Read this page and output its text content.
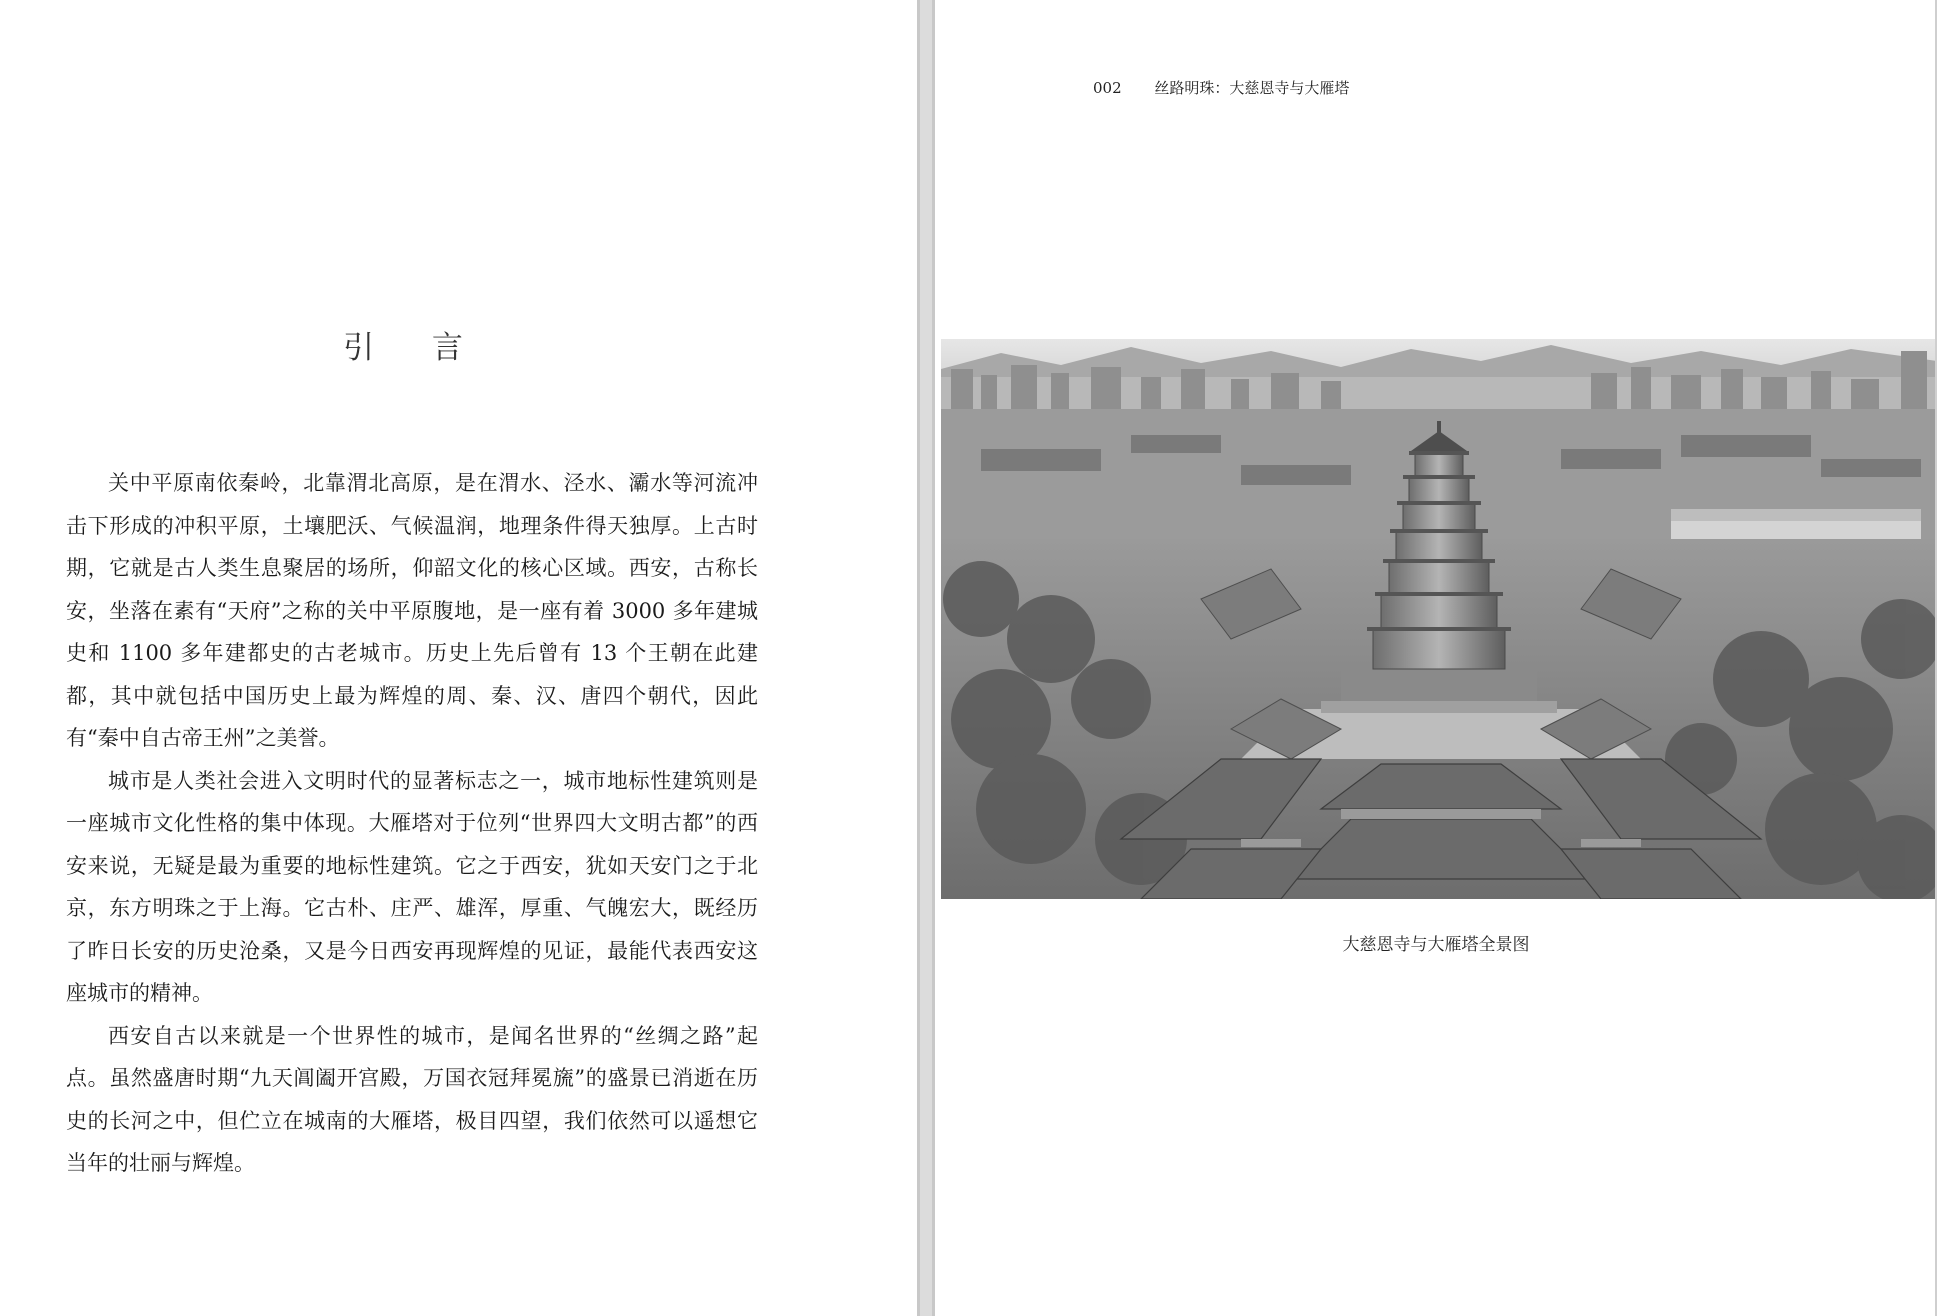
引 言

关中平原南依秦岭，北靠渭北高原，是在渭水、泾水、灞水等河流冲击下形成的冲积平原，土壤肥沃、气候温润，地理条件得天独厚。上古时期，它就是古人类生息聚居的场所，仰韶文化的核心区域。西安，古称长安，坐落在素有“天府”之称的关中平原腹地，是一座有着 3000 多年建城史和 1100 多年建都史的古老城市。历史上先后曾有 13 个王朝在此建都，其中就包括中国历史上最为辉煌的周、秦、汉、唐四个朝代，因此有“秦中自古帝王州”之美誉。

城市是人类社会进入文明时代的显著标志之一，城市地标性建筑则是一座城市文化性格的集中体现。大雁塔对于位列“世界四大文明古都”的西安来说，无疑是最为重要的地标性建筑。它之于西安，犹如天安门之于北京，东方明珠之于上海。它古朴、庄严、雄浑，厚重、气魄宏大，既经历了昨日长安的历史沧桑，又是今日西安再现辉煌的见证，最能代表西安这座城市的精神。

西安自古以来就是一个世界性的城市，是闻名世界的“丝绸之路”起点。虽然盛唐时期“九天阊阖开宫殿，万国衣冠拜冕旒”的盛景已消逝在历史的长河之中，但伫立在城南的大雁塔，极目四望，我们依然可以遥想它当年的壮丽与辉煌。

002 丝路明珠：大慈恩寺与大雁塔

大慈恩寺与大雁塔全景图
